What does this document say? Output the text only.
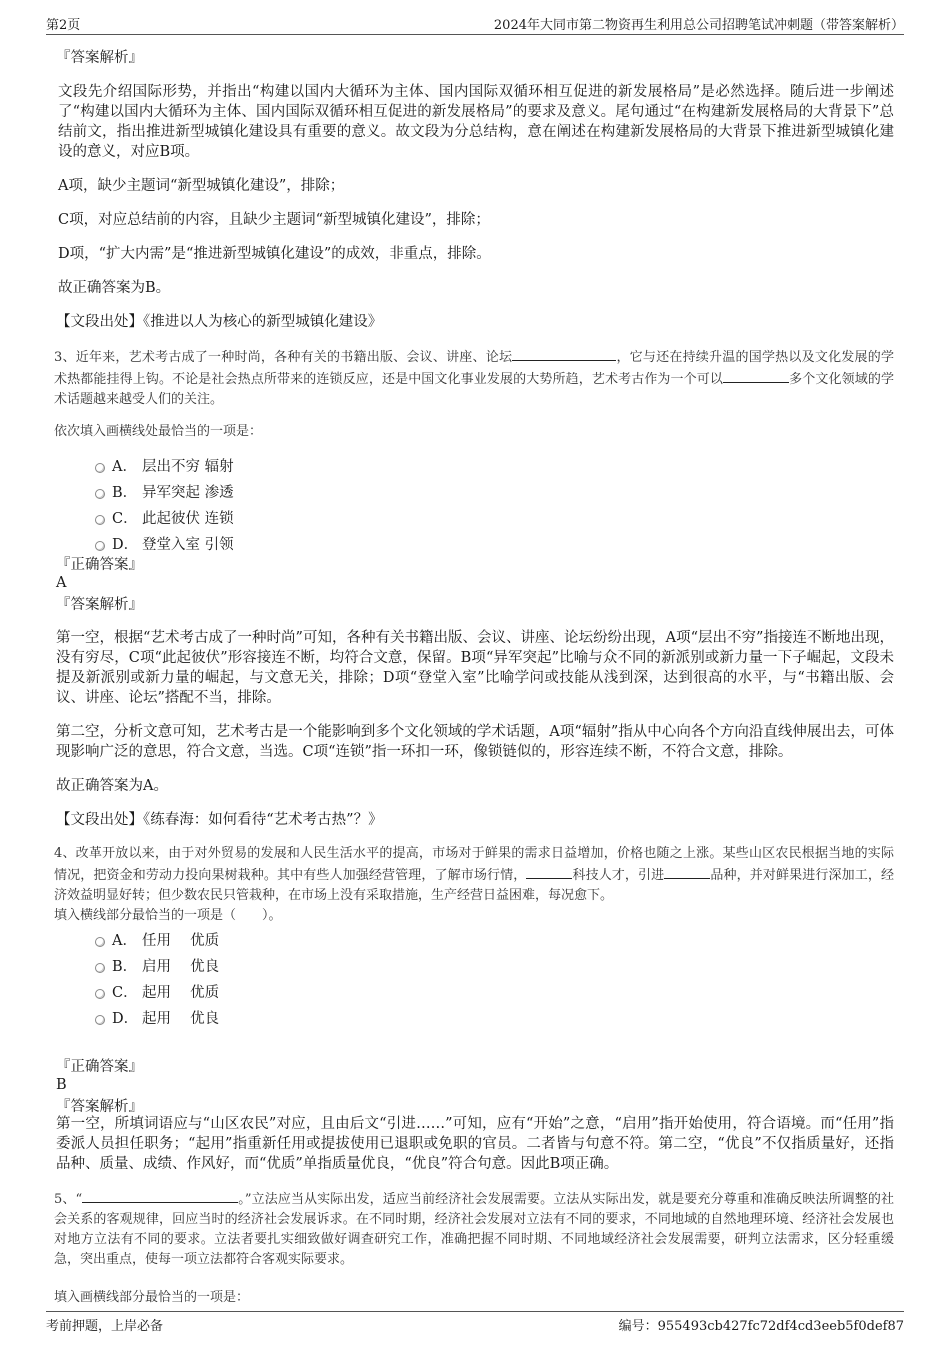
第2页	2024年大同市第二物资再生利用总公司招聘笔试冲刺题（带答案解析）
『答案解析』

文段先介绍国际形势，并指出“构建以国内大循环为主体、国内国际双循环相互促进的新发展格局”是必然选择。随后进一步阐述了“构建以国内大循环为主体、国内国际双循环相互促进的新发展格局”的要求及意义。尾句通过“在构建新发展格局的大背景下”总结前文，指出推进新型城镇化建设具有重要的意义。故文段为分总结构，意在阐述在构建新发展格局的大背景下推进新型城镇化建设的意义，对应B项。

A项，缺少主题词“新型城镇化建设”，排除；

C项，对应总结前的内容，且缺少主题词“新型城镇化建设”，排除；

D项，“扩大内需”是“推进新型城镇化建设”的成效，非重点，排除。

故正确答案为B。

【文段出处】《推进以人为核心的新型城镇化建设》

3、近年来，艺术考古成了一种时尚，各种有关的书籍出版、会议、讲座、论坛	，它与还在持续升温的国学热以及文化发展的学术热都能挂得上钩。不论是社会热点所带来的连锁反应，还是中国文化事业发展的大势所趋，艺术考古作为一个可以	多个文化领域的学术话题越来越受人们的关注。

依次填入画横线处最恰当的一项是：

A． 层出不穷 辐射
B． 异军突起 渗透
C． 此起彼伏 连锁
D． 登堂入室 引领
『正确答案』
A
『答案解析』

第一空，根据“艺术考古成了一种时尚”可知，各种有关书籍出版、会议、讲座、论坛纷纷出现，A项“层出不穷”指接连不断地出现，没有穷尽，C项“此起彼伏”形容接连不断，均符合文意，保留。B项“异军突起”比喻与众不同的新派别或新力量一下子崛起，文段未提及新派别或新力量的崛起，与文意无关，排除；D项“登堂入室”比喻学问或技能从浅到深，达到很高的水平，与“书籍出版、会议、讲座、论坛”搭配不当，排除。

第二空，分析文意可知，艺术考古是一个能影响到多个文化领域的学术话题，A项“辐射”指从中心向各个方向沿直线伸展出去，可体现影响广泛的意思，符合文意，当选。C项“连锁”指一环扣一环，像锁链似的，形容连续不断，不符合文意，排除。

故正确答案为A。

【文段出处】《练春海：如何看待“艺术考古热”？》

4、改革开放以来，由于对外贸易的发展和人民生活水平的提高，市场对于鲜果的需求日益增加，价格也随之上涨。某些山区农民根据当地的实际情况，把资金和劳动力投向果树栽种。其中有些人加强经营管理，了解市场行情，	科技人才，引进	品种，并对鲜果进行深加工，经济效益明显好转；但少数农民只管栽种，在市场上没有采取措施，生产经营日益困难，每况愈下。

填入横线部分最恰当的一项是（　　）。

A． 任用　 优质
B． 启用　 优良
C． 起用　 优质
D． 起用　 优良
『正确答案』
B
『答案解析』

第一空，所填词语应与“山区农民”对应，且由后文“引进……”可知，应有“开始”之意，“启用”指开始使用，符合语境。而“任用”指委派人员担任职务；“起用”指重新任用或提拔使用已退职或免职的官员。二者皆与句意不符。第二空，“优良”不仅指质量好，还指品种、质量、成绩、作风好，而“优质”单指质量优良，“优良”符合句意。因此B项正确。

5、“	。”立法应当从实际出发，适应当前经济社会发展需要。立法从实际出发，就是要充分尊重和准确反映法所调整的社会关系的客观规律，回应当时的经济社会发展诉求。在不同时期，经济社会发展对立法有不同的要求，不同地域的自然地理环境、经济社会发展也对地方立法有不同的要求。立法者要扎实细致做好调查研究工作，准确把握不同时期、不同地域经济社会发展需要，研判立法需求，区分轻重缓急，突出重点，使每一项立法都符合客观实际要求。

填入画横线部分最恰当的一项是：

考前押题，上岸必备	编号：955493cb427fc72df4cd3eeb5f0def87
